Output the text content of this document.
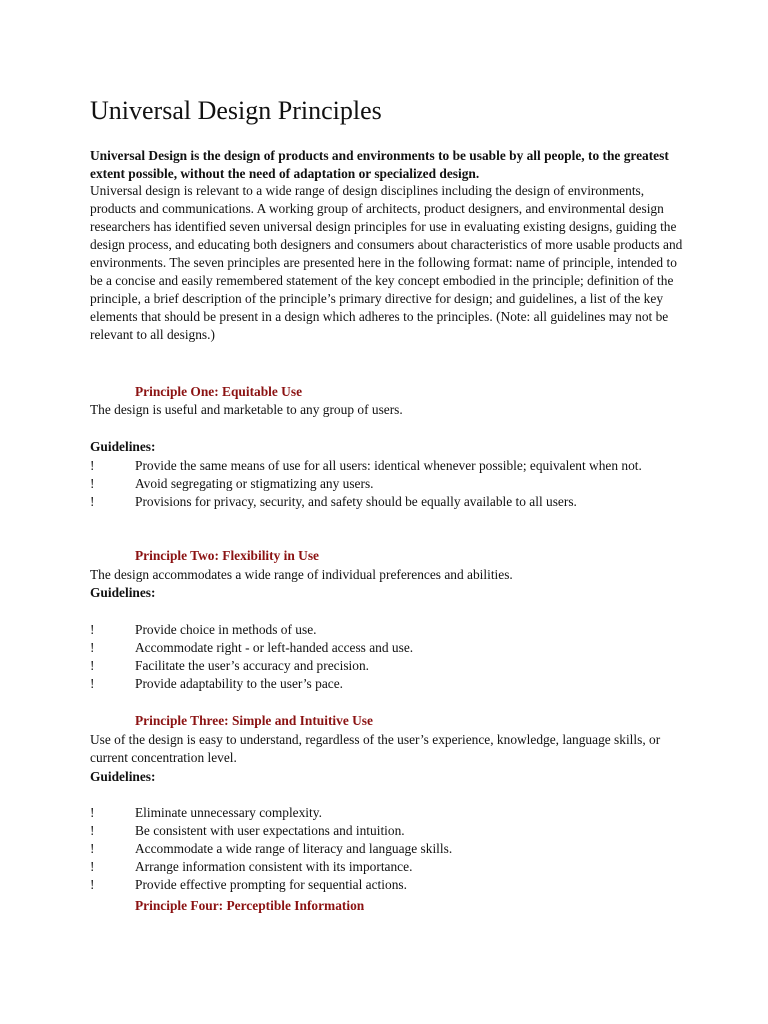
Universal Design Principles

Universal Design is the design of products and environments to be usable by all people, to the greatest extent possible, without the need of adaptation or specialized design.

Universal design is relevant to a wide range of design disciplines including the design of environments, products and communications. A working group of architects, product designers, and environmental design researchers has identified seven universal design principles for use in evaluating existing designs, guiding the design process, and educating both designers and consumers about characteristics of more usable products and environments. The seven principles are presented here in the following format: name of principle, intended to be a concise and easily remembered statement of the key concept embodied in the principle; definition of the principle, a brief description of the principle’s primary directive for design; and guidelines, a list of the key elements that should be present in a design which adheres to the principles. (Note: all guidelines may not be relevant to all designs.)

Principle One: Equitable Use

The design is useful and marketable to any group of users.

Guidelines:

!	Provide the same means of use for all users: identical whenever possible; equivalent when not.
!	Avoid segregating or stigmatizing any users.
!	Provisions for privacy, security, and safety should be equally available to all users.

Principle Two: Flexibility in Use

The design accommodates a wide range of individual preferences and abilities.

Guidelines:

!	Provide choice in methods of use.
!	Accommodate right - or left-handed access and use.
!	Facilitate the user’s accuracy and precision.
!	Provide adaptability to the user’s pace.

Principle Three: Simple and Intuitive Use

Use of the design is easy to understand, regardless of the user’s experience, knowledge, language skills, or current concentration level.

Guidelines:

!	Eliminate unnecessary complexity.
!	Be consistent with user expectations and intuition.
!	Accommodate a wide range of literacy and language skills.
!	Arrange information consistent with its importance.
!	Provide effective prompting for sequential actions.

Principle Four: Perceptible Information
